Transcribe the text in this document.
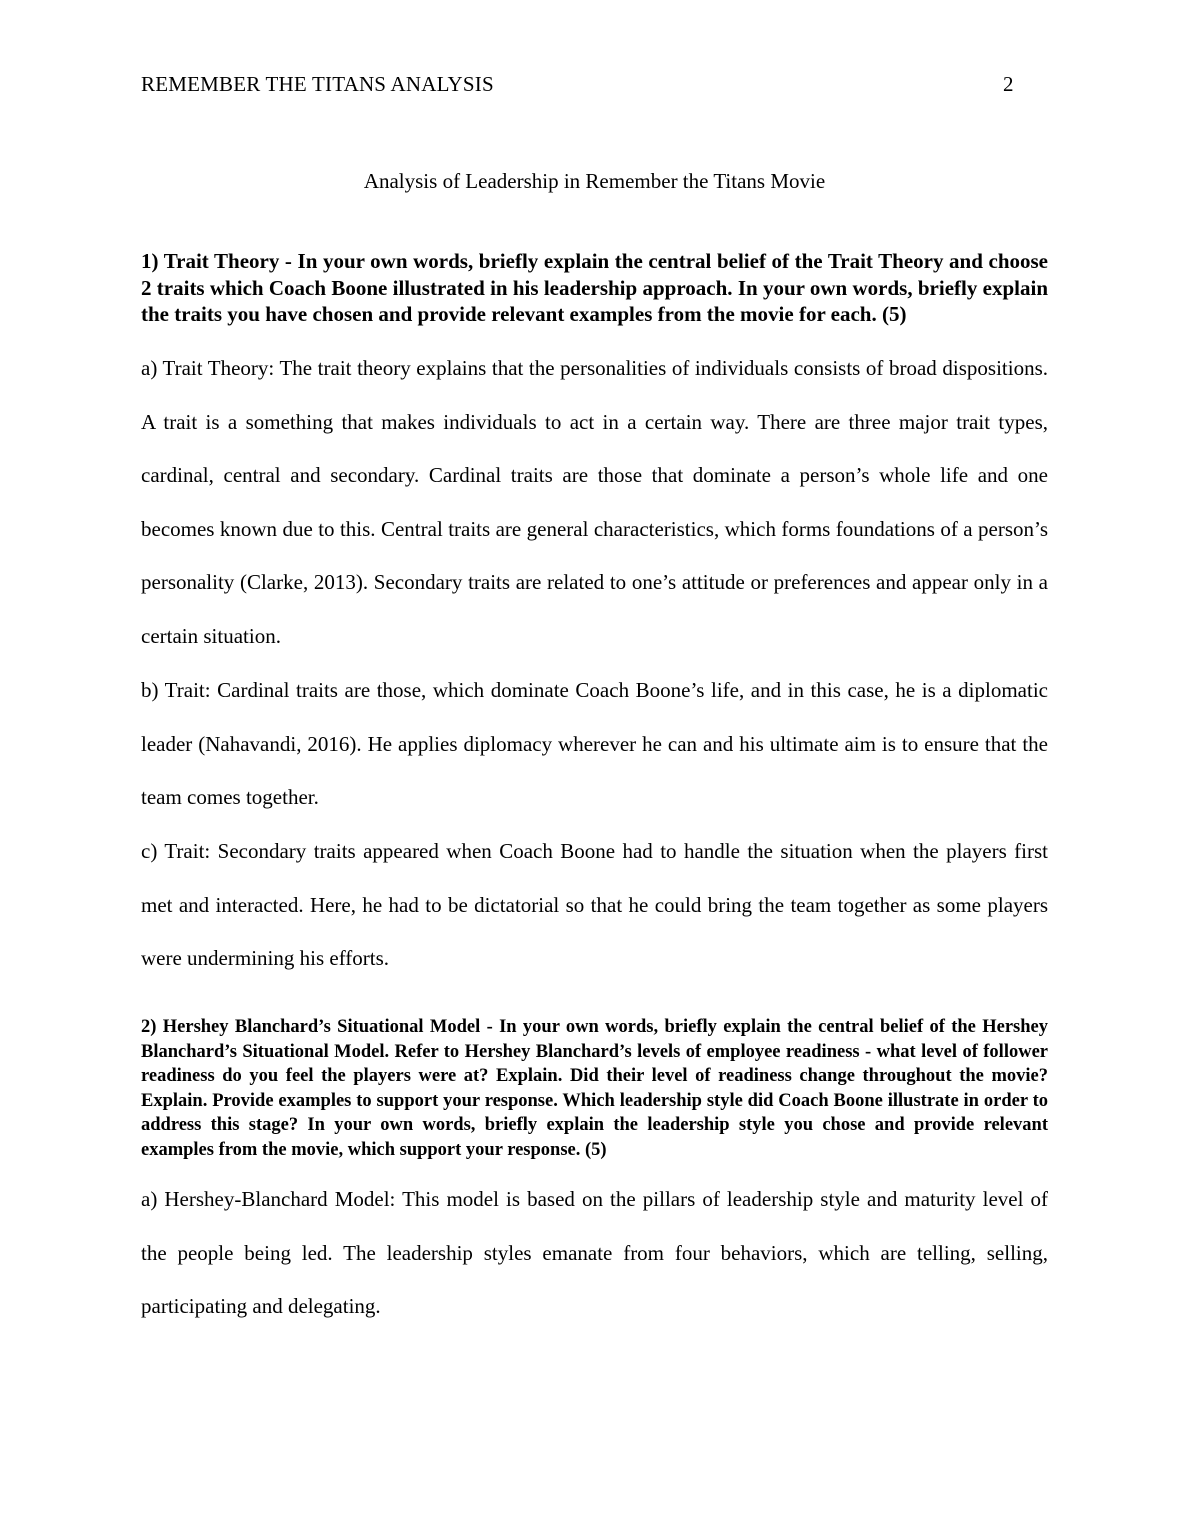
REMEMBER THE TITANS ANALYSIS	2
Analysis of Leadership in Remember the Titans Movie

1) Trait Theory - In your own words, briefly explain the central belief of the Trait Theory and choose 2 traits which Coach Boone illustrated in his leadership approach. In your own words, briefly explain the traits you have chosen and provide relevant examples from the movie for each. (5)

a) Trait Theory: The trait theory explains that the personalities of individuals consists of broad dispositions. A trait is a something that makes individuals to act in a certain way. There are three major trait types, cardinal, central and secondary. Cardinal traits are those that dominate a person’s whole life and one becomes known due to this. Central traits are general characteristics, which forms foundations of a person’s personality (Clarke, 2013). Secondary traits are related to one’s attitude or preferences and appear only in a certain situation.

b) Trait: Cardinal traits are those, which dominate Coach Boone’s life, and in this case, he is a diplomatic leader (Nahavandi, 2016). He applies diplomacy wherever he can and his ultimate aim is to ensure that the team comes together.

c) Trait: Secondary traits appeared when Coach Boone had to handle the situation when the players first met and interacted. Here, he had to be dictatorial so that he could bring the team together as some players were undermining his efforts.

2) Hershey Blanchard’s Situational Model - In your own words, briefly explain the central belief of the Hershey Blanchard’s Situational Model. Refer to Hershey Blanchard’s levels of employee readiness - what level of follower readiness do you feel the players were at? Explain. Did their level of readiness change throughout the movie? Explain. Provide examples to support your response. Which leadership style did Coach Boone illustrate in order to address this stage? In your own words, briefly explain the leadership style you chose and provide relevant examples from the movie, which support your response. (5)

a) Hershey-Blanchard Model: This model is based on the pillars of leadership style and maturity level of the people being led. The leadership styles emanate from four behaviors, which are telling, selling, participating and delegating.
